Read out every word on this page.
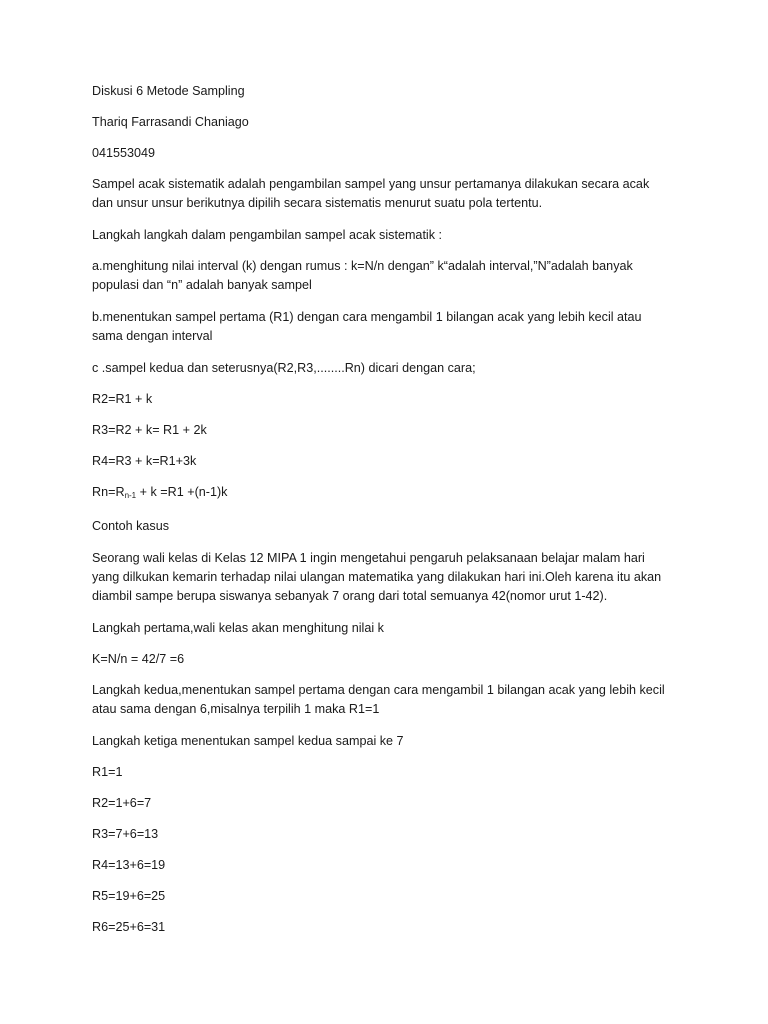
Diskusi 6 Metode Sampling

Thariq Farrasandi Chaniago

041553049

Sampel acak sistematik adalah pengambilan sampel yang unsur pertamanya dilakukan secara acak dan unsur unsur berikutnya dipilih secara sistematis menurut suatu pola tertentu.

Langkah langkah dalam pengambilan sampel acak sistematik :

a.menghitung nilai interval (k) dengan rumus : k=N/n dengan” k“adalah interval,”N”adalah banyak populasi dan “n” adalah banyak sampel

b.menentukan sampel pertama (R1) dengan cara mengambil 1 bilangan acak yang lebih kecil atau sama dengan interval

c .sampel kedua dan seterusnya(R2,R3,........Rn) dicari dengan cara;

R2=R1 + k

R3=R2 + k= R1 + 2k

R4=R3 + k=R1+3k

$Rn=R_{n-1} + k =R1 +(n-1)k$

Contoh kasus

Seorang wali kelas di Kelas 12 MIPA 1 ingin mengetahui pengaruh pelaksanaan belajar malam hari yang dilkukan kemarin terhadap nilai ulangan matematika yang dilakukan hari ini.Oleh karena itu akan diambil sampe berupa siswanya sebanyak 7 orang dari total semuanya 42(nomor urut 1-42).

Langkah pertama,wali kelas akan menghitung nilai k

K=N/n = 42/7 =6

Langkah kedua,menentukan sampel pertama dengan cara mengambil 1 bilangan acak yang lebih kecil atau sama dengan 6,misalnya terpilih 1 maka R1=1

Langkah ketiga menentukan sampel kedua sampai ke 7

R1=1

R2=1+6=7

R3=7+6=13

R4=13+6=19

R5=19+6=25

R6=25+6=31
